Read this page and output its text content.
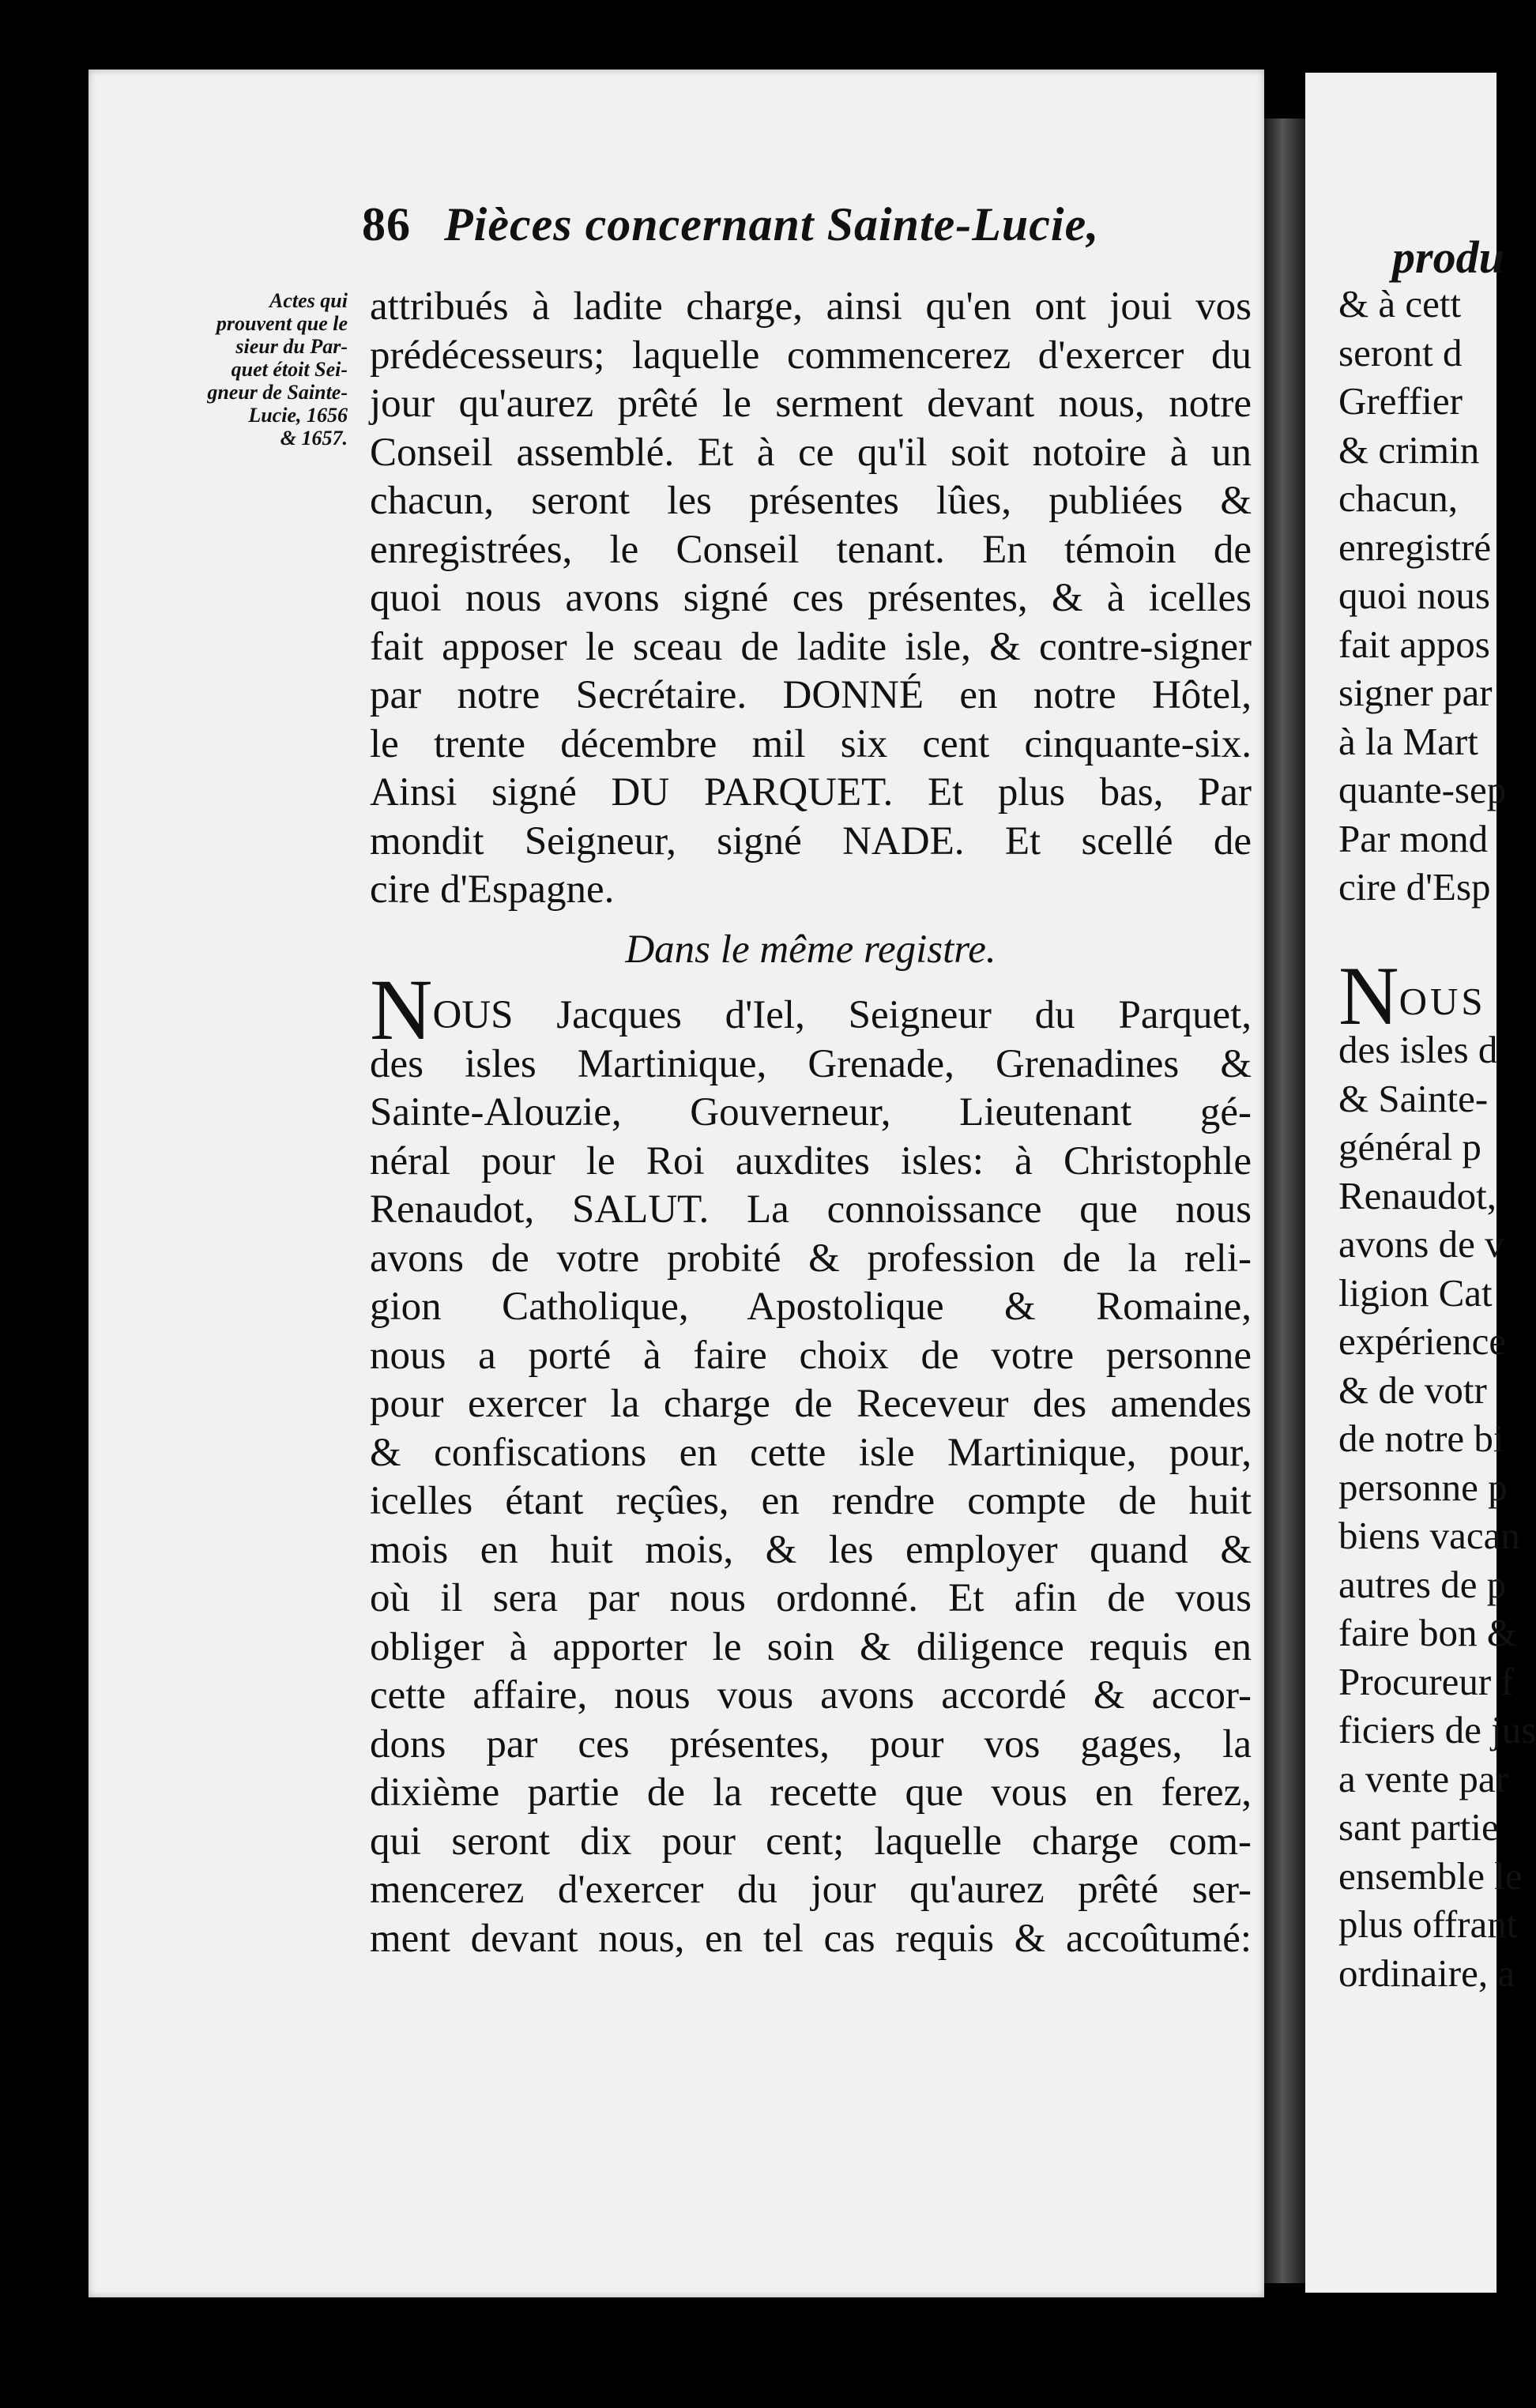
produ
& à cett
seront d
Greffier
& crimin
chacun,
enregistré
quoi nous
fait appos
signer par
à la Mart
quante-sep
Par mond
cire d'Esp
NOUS
des isles d
& Sainte-
général p
Renaudot,
avons de v
ligion Cat
expérience
& de votr
de notre bi
personne p
biens vacan
autres de p
faire bon &
Procureur f
ficiers de jus
a vente par
sant partie
ensemble le
plus offrant
ordinaire, a
86 Pièces concernant Sainte-Lucie,
Actes qui
prouvent que le
sieur du Par-
quet étoit Sei-
gneur de Sainte-
Lucie, 1656
& 1657.
attribués à ladite charge, ainsi qu'en ont joui vos
prédécesseurs; laquelle commencerez d'exercer du
jour qu'aurez prêté le serment devant nous, notre
Conseil assemblé. Et à ce qu'il soit notoire à un
chacun, seront les présentes lûes, publiées &
enregistrées, le Conseil tenant. En témoin de
quoi nous avons signé ces présentes, & à icelles
fait apposer le sceau de ladite isle, & contre-signer
par notre Secrétaire. DONNÉ en notre Hôtel,
le trente décembre mil six cent cinquante-six.
Ainsi signé DU PARQUET. Et plus bas, Par
mondit Seigneur, signé NADE. Et scellé de
cire d'Espagne.
Dans le même registre.
NOUS Jacques d'Iel, Seigneur du Parquet,
des isles Martinique, Grenade, Grenadines &
Sainte-Alouzie, Gouverneur, Lieutenant gé-
néral pour le Roi auxdites isles: à Christophle
Renaudot, SALUT. La connoissance que nous
avons de votre probité & profession de la reli-
gion Catholique, Apostolique & Romaine,
nous a porté à faire choix de votre personne
pour exercer la charge de Receveur des amendes
& confiscations en cette isle Martinique, pour,
icelles étant reçûes, en rendre compte de huit
mois en huit mois, & les employer quand &
où il sera par nous ordonné. Et afin de vous
obliger à apporter le soin & diligence requis en
cette affaire, nous vous avons accordé & accor-
dons par ces présentes, pour vos gages, la
dixième partie de la recette que vous en ferez,
qui seront dix pour cent; laquelle charge com-
mencerez d'exercer du jour qu'aurez prêté ser-
ment devant nous, en tel cas requis & accoûtumé:
